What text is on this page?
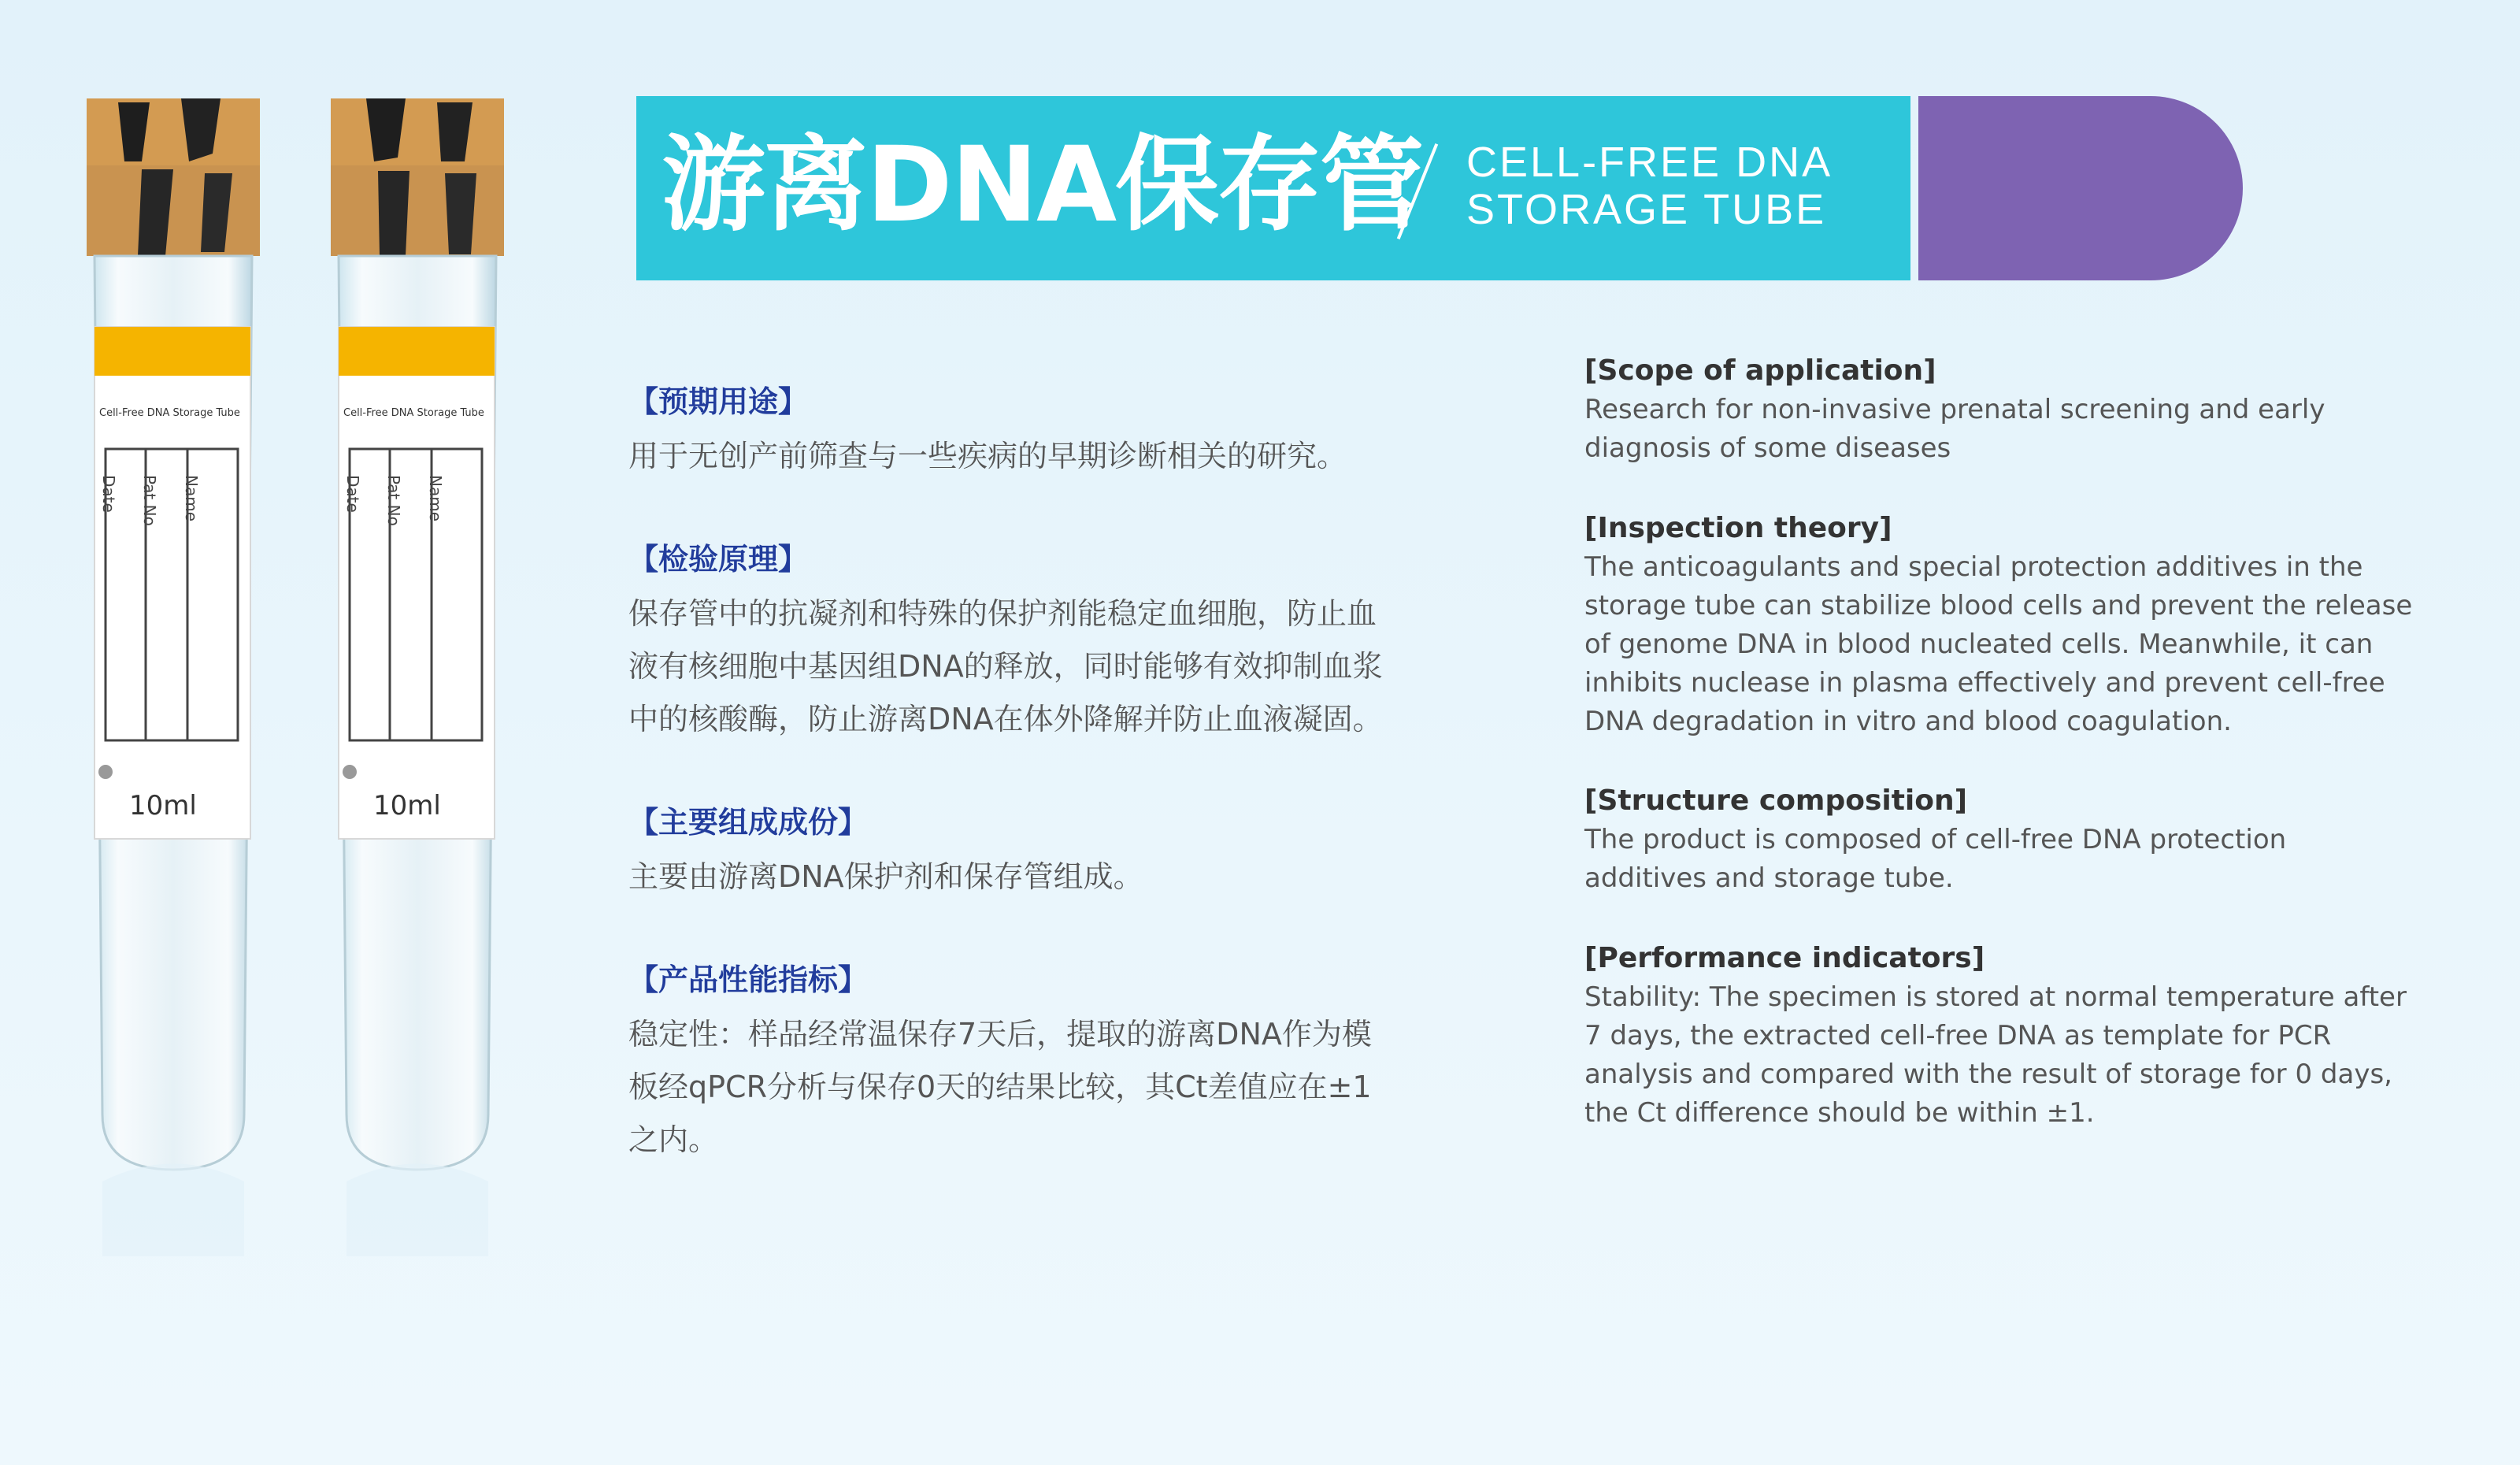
Cell-Free DNA Storage Tube
Date Pat No Name
10ml
Cell-Free DNA Storage Tube
Date Pat No Name
10ml
游离DNA保存管 CELL-FREE DNA
STORAGE TUBE
【预期用途】
用于无创产前筛查与一些疾病的早期诊断相关的研究。
【检验原理】
保存管中的抗凝剂和特殊的保护剂能稳定血细胞，防止血
液有核细胞中基因组DNA的释放，同时能够有效抑制血浆
中的核酸酶，防止游离DNA在体外降解并防止血液凝固。
【主要组成成份】
主要由游离DNA保护剂和保存管组成。
【产品性能指标】
稳定性：样品经常温保存7天后，提取的游离DNA作为模
板经qPCR分析与保存0天的结果比较，其Ct差值应在±1
之内。
[Scope of application]
Research for non-invasive prenatal screening and early
diagnosis of some diseases
[Inspection theory]
The anticoagulants and special protection additives in the
storage tube can stabilize blood cells and prevent the release
of genome DNA in blood nucleated cells. Meanwhile, it can
inhibits nuclease in plasma effectively and prevent cell-free
DNA degradation in vitro and blood coagulation.
[Structure composition]
The product is composed of cell-free DNA protection
additives and storage tube.
[Performance indicators]
Stability: The specimen is stored at normal temperature after
7 days, the extracted cell-free DNA as template for PCR
analysis and compared with the result of storage for 0 days,
the Ct difference should be within ±1.
